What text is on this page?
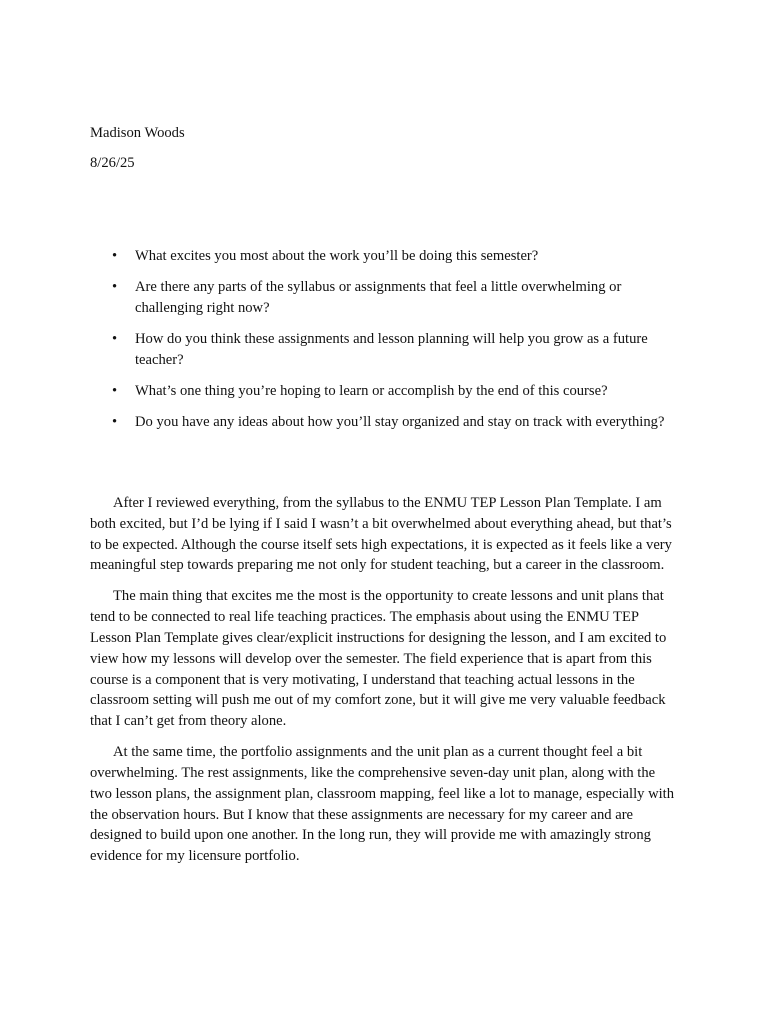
Madison Woods

8/26/25

• What excites you most about the work you’ll be doing this semester?
• Are there any parts of the syllabus or assignments that feel a little overwhelming or challenging right now?
• How do you think these assignments and lesson planning will help you grow as a future teacher?
• What’s one thing you’re hoping to learn or accomplish by the end of this course?
• Do you have any ideas about how you’ll stay organized and stay on track with everything?

After I reviewed everything, from the syllabus to the ENMU TEP Lesson Plan Template. I am both excited, but I’d be lying if I said I wasn’t a bit overwhelmed about everything ahead, but that’s to be expected. Although the course itself sets high expectations, it is expected as it feels like a very meaningful step towards preparing me not only for student teaching, but a career in the classroom.

The main thing that excites me the most is the opportunity to create lessons and unit plans that tend to be connected to real life teaching practices. The emphasis about using the ENMU TEP Lesson Plan Template gives clear/explicit instructions for designing the lesson, and I am excited to view how my lessons will develop over the semester. The field experience that is apart from this course is a component that is very motivating, I understand that teaching actual lessons in the classroom setting will push me out of my comfort zone, but it will give me very valuable feedback that I can’t get from theory alone.

At the same time, the portfolio assignments and the unit plan as a current thought feel a bit overwhelming. The rest assignments, like the comprehensive seven-day unit plan, along with the two lesson plans, the assignment plan, classroom mapping, feel like a lot to manage, especially with the observation hours. But I know that these assignments are necessary for my career and are designed to build upon one another. In the long run, they will provide me with amazingly strong evidence for my licensure portfolio.
